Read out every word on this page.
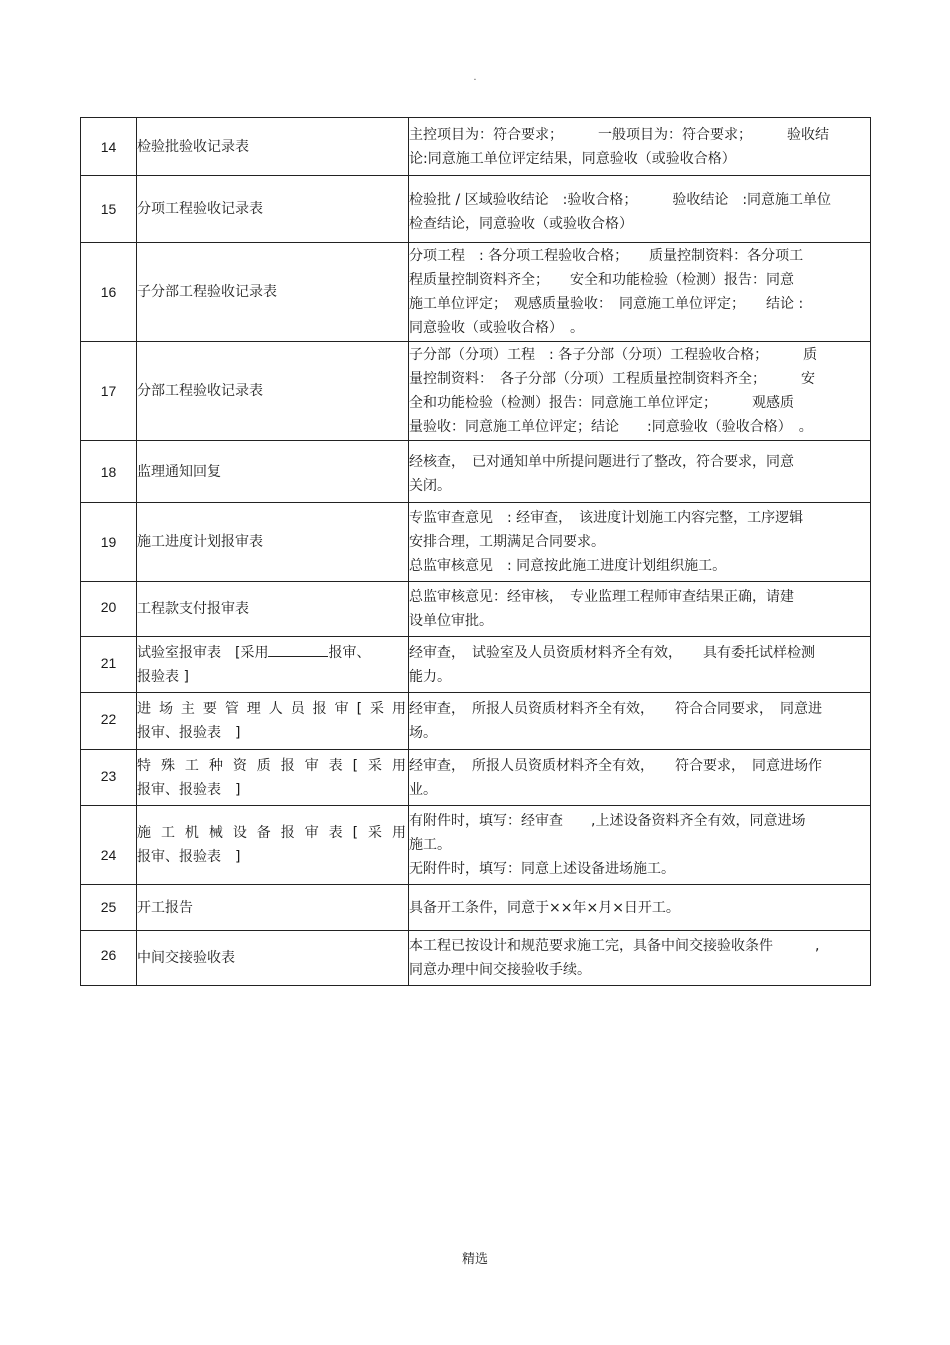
.
14	检验批验收记录表	主控项目为：符合要求；　　　一般项目为：符合要求；　　　验收结
论:同意施工单位评定结果，同意验收（或验收合格）

15	分项工程验收记录表	检验批 / 区域验收结论　:验收合格；　　　验收结论　:同意施工单位
检查结论，同意验收（或验收合格）

16	子分部工程验收记录表	分项工程　: 各分项工程验收合格；　　质量控制资料：各分项工
程质量控制资料齐全；　　安全和功能检验（检测）报告：同意
施工单位评定；　观感质量验收：　同意施工单位评定；　　结论 :
同意验收（或验收合格）　。

17	分部工程验收记录表	子分部（分项）工程　: 各子分部（分项）工程验收合格；　　　质
量控制资料：　各子分部（分项）工程质量控制资料齐全；　　　安
全和功能检验（检测）报告：同意施工单位评定；　　　观感质
量验收：同意施工单位评定；结论　　:同意验收（验收合格）　。

18	监理通知回复	经核查，　已对通知单中所提问题进行了整改，符合要求，同意
关闭。

19	施工进度计划报审表	专监审查意见　: 经审查，　该进度计划施工内容完整，工序逻辑
安排合理，工期满足合同要求。
总监审核意见　: 同意按此施工进度计划组织施工。

20	工程款支付报审表	总监审核意见：经审核，　专业监理工程师审查结果正确，请建
设单位审批。

21	试验室报审表　[采用 报审、
报验表 ]	经审查，　试验室及人员资质材料齐全有效，　　具有委托试样检测
能力。

22	进场主要管理人员报审[采用
报审、报验表　]	经审查，　所报人员资质材料齐全有效，　　符合合同要求，　同意进
场。

23	特殊工种资质报审表[采用
报审、报验表　]	经审查，　所报人员资质材料齐全有效，　　符合要求，　同意进场作
业。

24	施工机械设备报审表[采用
报审、报验表　]	有附件时，填写：经审查　　,上述设备资料齐全有效，同意进场
施工。
无附件时，填写：同意上述设备进场施工。

25	开工报告	具备开工条件，同意于××年×月×日开工。

26	中间交接验收表	本工程已按设计和规范要求施工完，具备中间交接验收条件　　　,
同意办理中间交接验收手续。
精选
